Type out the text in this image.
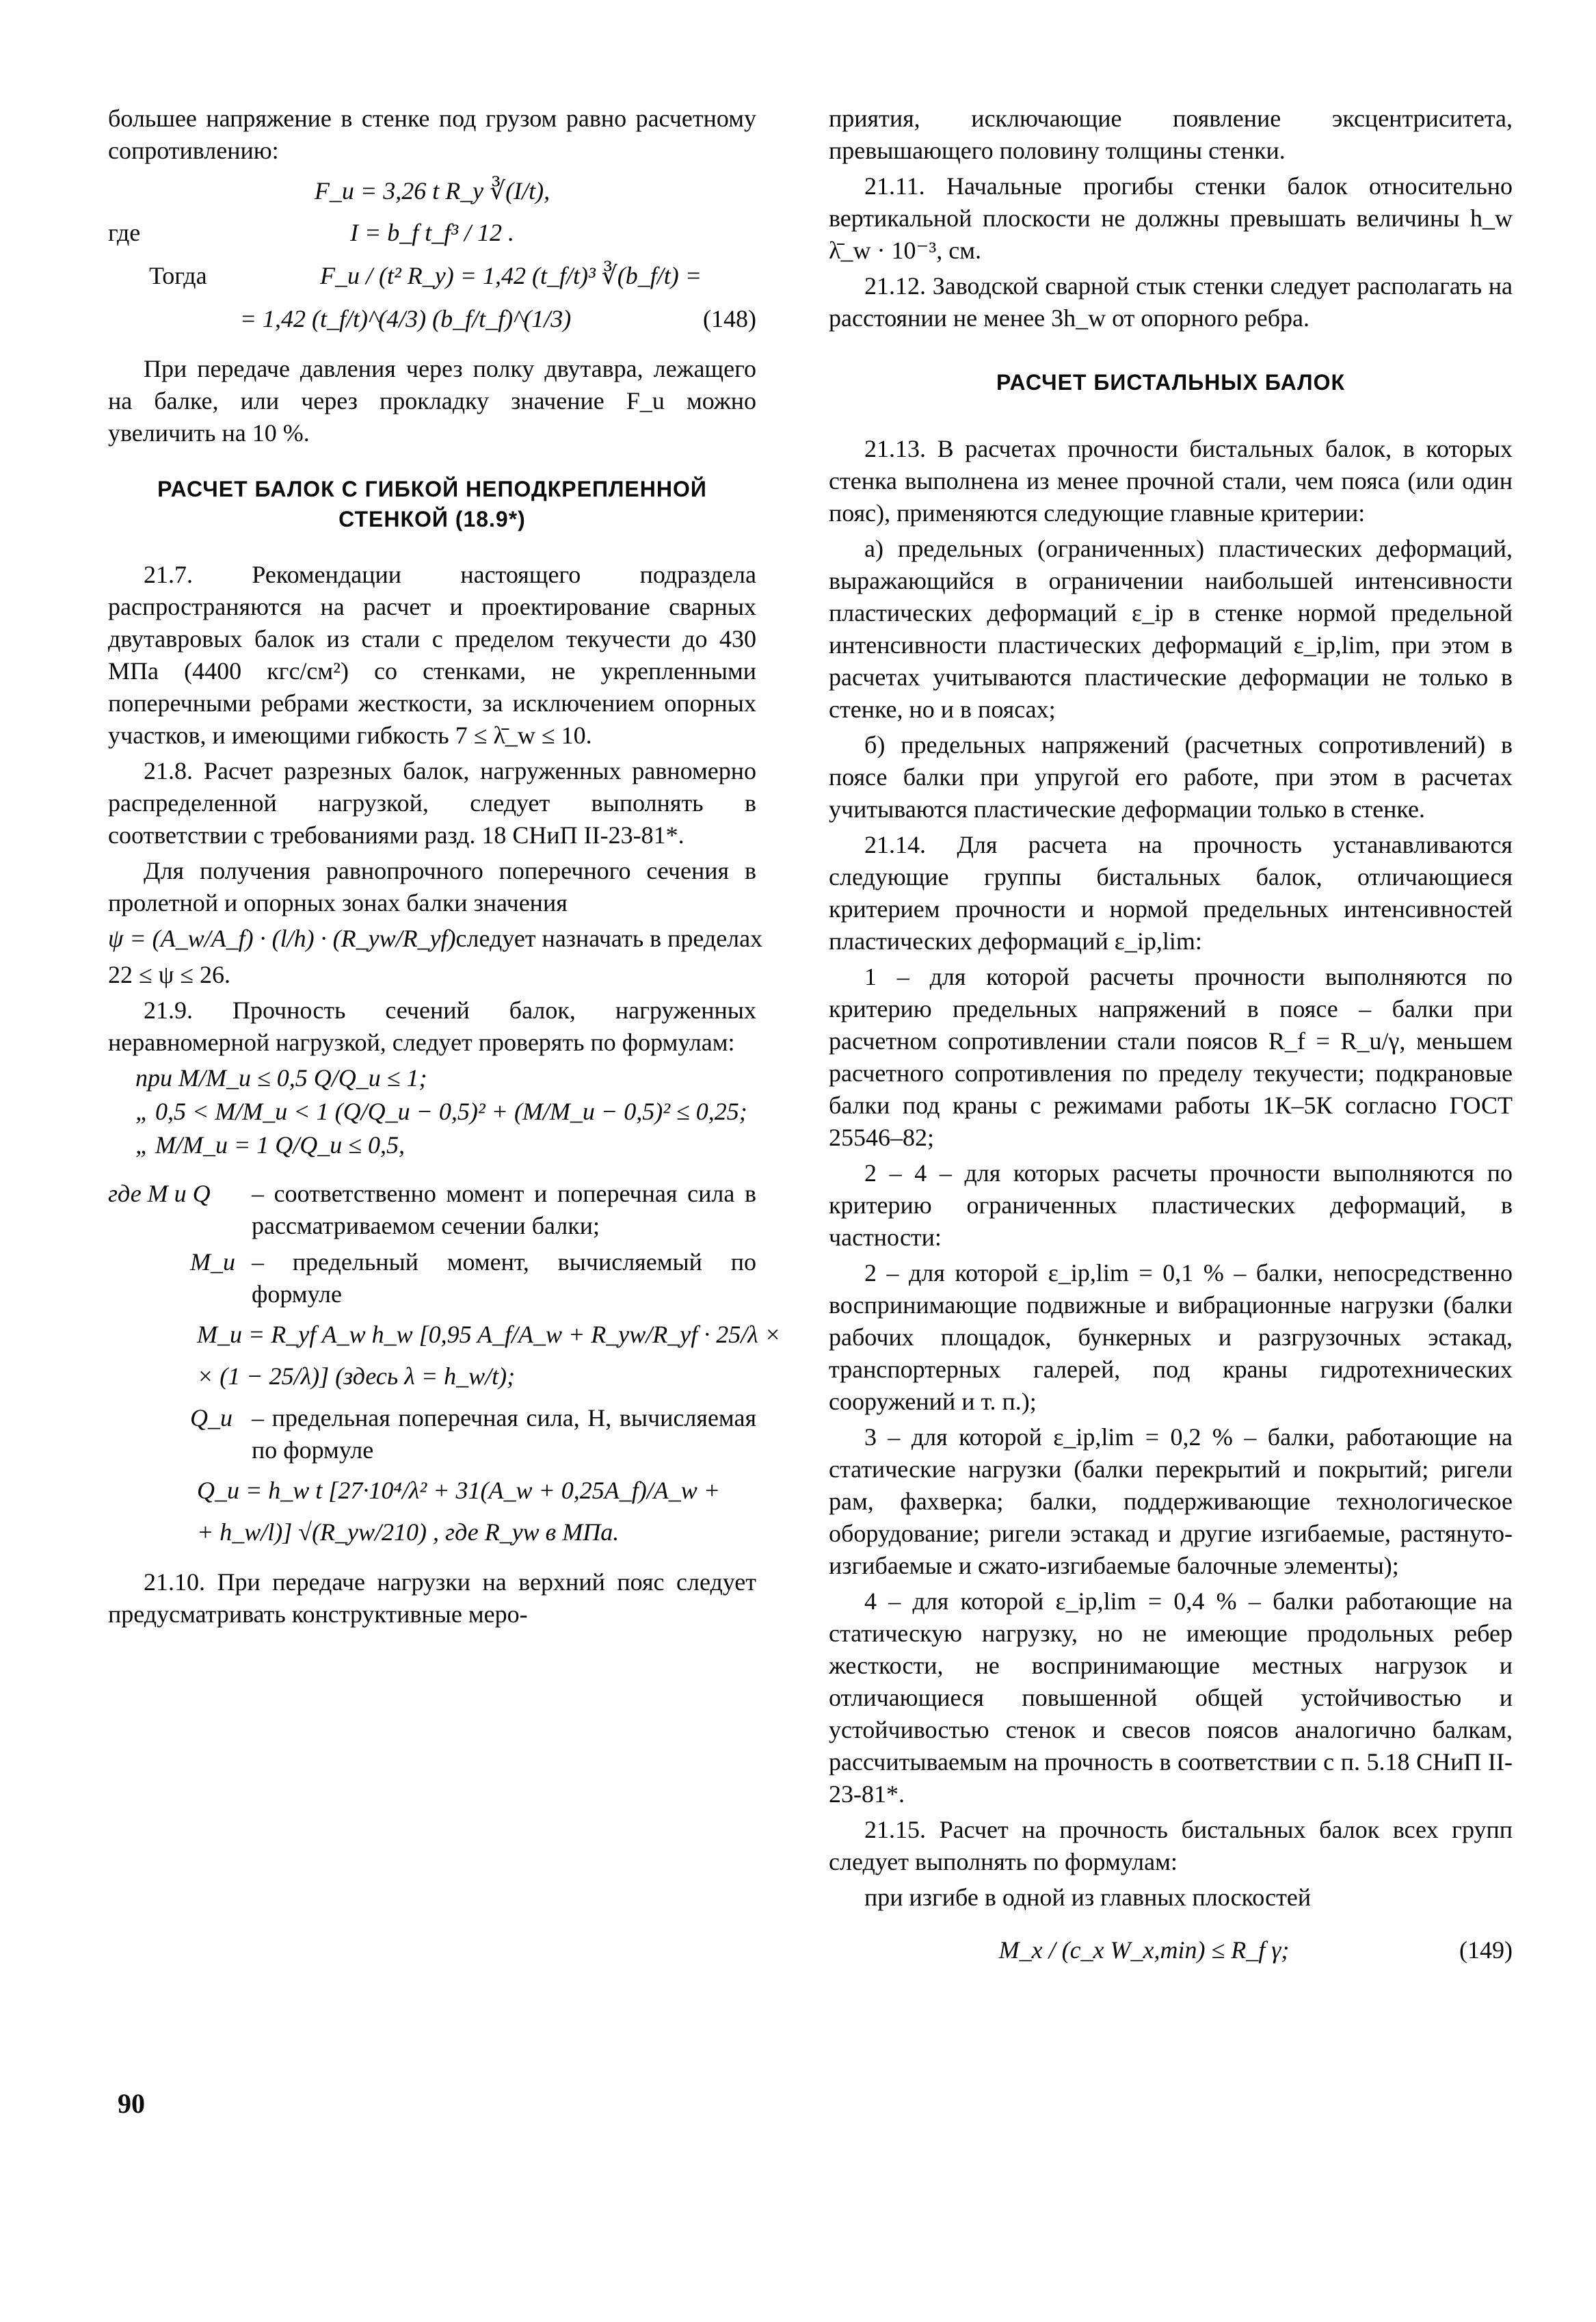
большее напряжение в стенке под грузом равно расчетному сопротивлению:

F_u = 3,26 t R_y ∛(I/t),
где	I = b_f t_f³ / 12 .
Тогда	F_u / (t² R_y) = 1,42 (t_f/t)³ ∛(b_f/t) =
= 1,42 (t_f/t)^(4/3) (b_f/t_f)^(1/3)	(148)

При передаче давления через полку двутавра, лежащего на балке, или через прокладку значение F_u можно увеличить на 10 %.

РАСЧЕТ БАЛОК С ГИБКОЙ НЕПОДКРЕПЛЕННОЙ СТЕНКОЙ (18.9*)

21.7. Рекомендации настоящего подраздела распространяются на расчет и проектирование сварных двутавровых балок из стали с пределом текучести до 430 МПа (4400 кгс/см²) со стенками, не укрепленными поперечными ребрами жесткости, за исключением опорных участков, и имеющими гибкость 7 ≤ λ̄_w ≤ 10.

21.8. Расчет разрезных балок, нагруженных равномерно распределенной нагрузкой, следует выполнять в соответствии с требованиями разд. 18 СНиП II-23-81*.

Для получения равнопрочного поперечного сечения в пролетной и опорных зонах балки значения

ψ = (A_w/A_f) · (l/h) · (R_yw/R_yf) следует назначать в пределах

22 ≤ ψ ≤ 26.

21.9. Прочность сечений балок, нагруженных неравномерной нагрузкой, следует проверять по формулам:

при M/M_u ≤ 0,5 Q/Q_u ≤ 1;
„ 0,5 < M/M_u < 1 (Q/Q_u − 0,5)² + (M/M_u − 0,5)² ≤ 0,25;
„ M/M_u = 1 Q/Q_u ≤ 0,5,
где M и Q	– соответственно момент и поперечная сила в рассматриваемом сечении балки;
M_u – предельный момент, вычисляемый по формуле
M_u = R_yf A_w h_w [0,95 A_f/A_w + R_yw/R_yf · 25/λ ×
× (1 − 25/λ)] (здесь λ = h_w/t);
Q_u – предельная поперечная сила, Н, вычисляемая по формуле
Q_u = h_w t [27·10⁴/λ² + 31(A_w + 0,25A_f)/A_w +
+ h_w/l)] √(R_yw/210) , где R_yw в МПа.

21.10. При передаче нагрузки на верхний пояс следует предусматривать конструктивные меро-

приятия, исключающие появление эксцентриситета, превышающего половину толщины стенки.

21.11. Начальные прогибы стенки балок относительно вертикальной плоскости не должны превышать величины h_w λ̄_w · 10⁻³, см.

21.12. Заводской сварной стык стенки следует располагать на расстоянии не менее 3h_w от опорного ребра.

РАСЧЕТ БИСТАЛЬНЫХ БАЛОК

21.13. В расчетах прочности бистальных балок, в которых стенка выполнена из менее прочной стали, чем пояса (или один пояс), применяются следующие главные критерии:

а) предельных (ограниченных) пластических деформаций, выражающийся в ограничении наибольшей интенсивности пластических деформаций ε_ip в стенке нормой предельной интенсивности пластических деформаций ε_ip,lim, при этом в расчетах учитываются пластические деформации не только в стенке, но и в поясах;

б) предельных напряжений (расчетных сопротивлений) в поясе балки при упругой его работе, при этом в расчетах учитываются пластические деформации только в стенке.

21.14. Для расчета на прочность устанавливаются следующие группы бистальных балок, отличающиеся критерием прочности и нормой предельных интенсивностей пластических деформаций ε_ip,lim:

1 – для которой расчеты прочности выполняются по критерию предельных напряжений в поясе – балки при расчетном сопротивлении стали поясов R_f = R_u/γ, меньшем расчетного сопротивления по пределу текучести; подкрановые балки под краны с режимами работы 1К–5К согласно ГОСТ 25546–82;

2 – 4 – для которых расчеты прочности выполняются по критерию ограниченных пластических деформаций, в частности:

2 – для которой ε_ip,lim = 0,1 % – балки, непосредственно воспринимающие подвижные и вибрационные нагрузки (балки рабочих площадок, бункерных и разгрузочных эстакад, транспортерных галерей, под краны гидротехнических сооружений и т. п.);

3 – для которой ε_ip,lim = 0,2 % – балки, работающие на статические нагрузки (балки перекрытий и покрытий; ригели рам, фахверка; балки, поддерживающие технологическое оборудование; ригели эстакад и другие изгибаемые, растянуто-изгибаемые и сжато-изгибаемые балочные элементы);

4 – для которой ε_ip,lim = 0,4 % – балки работающие на статическую нагрузку, но не имеющие продольных ребер жесткости, не воспринимающие местных нагрузок и отличающиеся повышенной общей устойчивостью и устойчивостью стенок и свесов поясов аналогично балкам, рассчитываемым на прочность в соответствии с п. 5.18 СНиП II-23-81*.

21.15. Расчет на прочность бистальных балок всех групп следует выполнять по формулам:

при изгибе в одной из главных плоскостей

M_x / (c_x W_x,min) ≤ R_f γ;	(149)
90
